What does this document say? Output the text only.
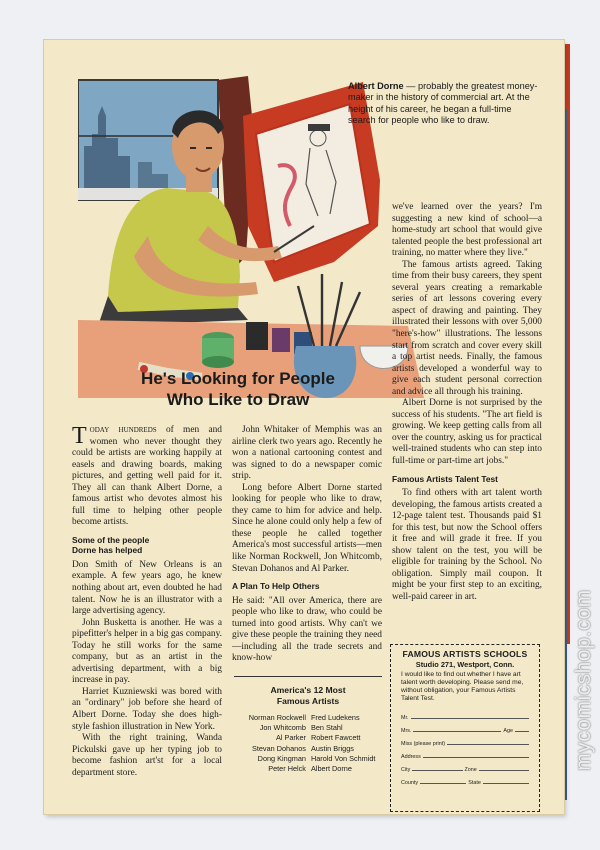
Albert Dorne — probably the greatest money-maker in the history of commercial art. At the height of his career, he began a full-time search for people who like to draw.
He's Looking for People
Who Like to Draw

Today hundreds of men and women who never thought they could be artists are working happily at easels and drawing boards, making pictures, and getting well paid for it. They all can thank Albert Dorne, a famous artist who devotes almost his full time to helping other people become artists.

Some of the people
Dorne has helped

Don Smith of New Orleans is an example. A few years ago, he knew nothing about art, even doubted he had talent. Now he is an illustrator with a large advertising agency.

John Busketta is another. He was a pipefitter's helper in a big gas company. Today he still works for the same company, but as an artist in the advertising department, with a big increase in pay.

Harriet Kuzniewski was bored with an "ordinary" job before she heard of Albert Dorne. Today she does high-style fashion illustration in New York.

With the right training, Wanda Pickulski gave up her typing job to become fashion art'st for a local department store.

John Whitaker of Memphis was an airline clerk two years ago. Recently he won a national cartooning contest and was signed to do a newspaper comic strip.

Long before Albert Dorne started looking for people who like to draw, they came to him for advice and help. Since he alone could only help a few of these people he called together America's most successful artists—men like Norman Rockwell, Jon Whitcomb, Stevan Dohanos and Al Parker.

A Plan To Help Others

He said: "All over America, there are people who like to draw, who could be turned into good artists. Why can't we give these people the training they need—including all the trade secrets and know-how

America's 12 Most
Famous Artists
Norman Rockwell	Fred Ludekens
Jon Whitcomb	Ben Stahl
Al Parker	Robert Fawcett
Stevan Dohanos	Austin Briggs
Dong Kingman	Harold Von Schmidt
Peter Helck	Albert Dorne

we've learned over the years? I'm suggesting a new kind of school—a home-study art school that would give talented people the best professional art training, no matter where they live."

The famous artists agreed. Taking time from their busy careers, they spent several years creating a remarkable series of art lessons covering every aspect of drawing and painting. They illustrated their lessons with over 5,000 "here's-how" illustrations. The lessons start from scratch and cover every skill a top artist needs. Finally, the famous artists developed a wonderful way to give each student personal correction and advice all through his training.

Albert Dorne is not surprised by the success of his students. "The art field is growing. We keep getting calls from all over the country, asking us for practical well-trained students who can step into full-time or part-time art jobs."

Famous Artists Talent Test

To find others with art talent worth developing, the famous artists created a 12-page talent test. Thousands paid $1 for this test, but now the School offers it free and will grade it free. If you show talent on the test, you will be eligible for training by the School. No obligation. Simply mail coupon. It might be your first step to an exciting, well-paid career in art.

FAMOUS ARTISTS SCHOOLS
Studio 271, Westport, Conn.
I would like to find out whether I have art talent worth developing. Please send me, without obligation, your Famous Artists Talent Test.
Mr.
Mrs.	Age
Miss (please print)
Address
City	Zone
County	State
mycomicshop.com
